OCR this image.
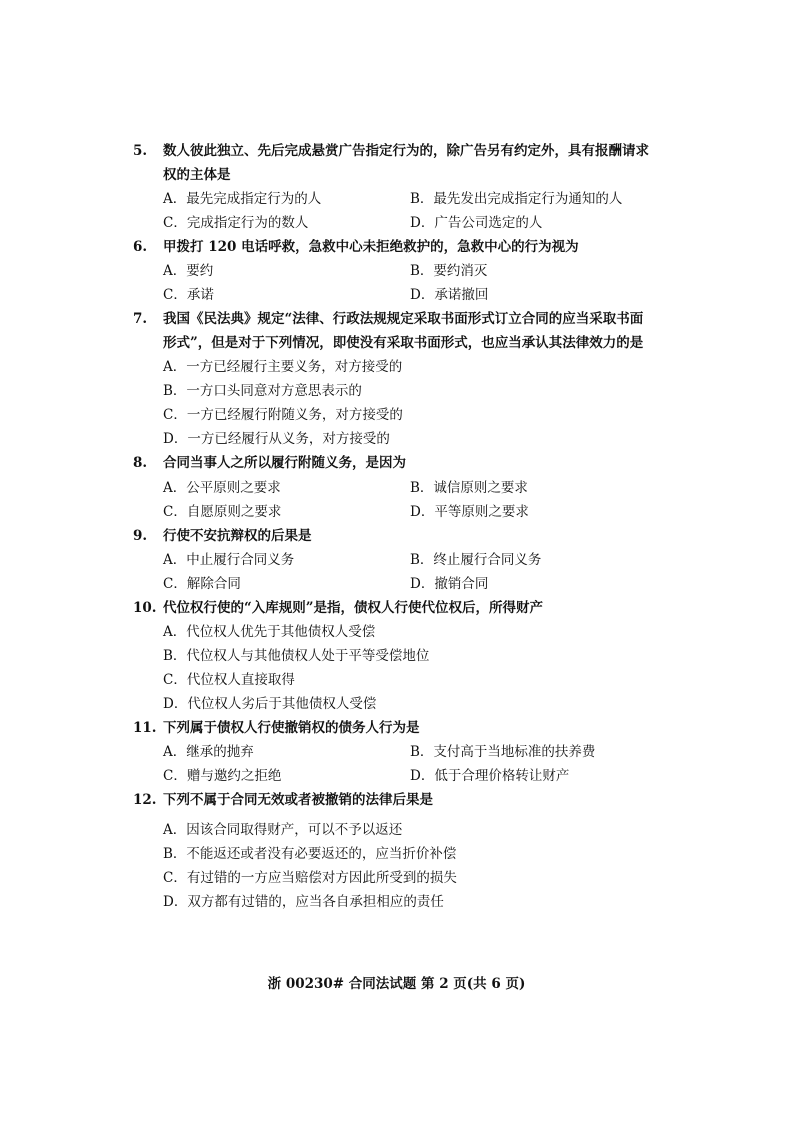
5. 数人彼此独立、先后完成悬赏广告指定行为的，除广告另有约定外，具有报酬请求
权的主体是
A．最先完成指定行为的人	B．最先发出完成指定行为通知的人
C．完成指定行为的数人	D．广告公司选定的人
6. 甲拨打 120 电话呼救，急救中心未拒绝救护的，急救中心的行为视为
A．要约	B．要约消灭
C．承诺	D．承诺撤回
7. 我国《民法典》规定“法律、行政法规规定采取书面形式订立合同的应当采取书面
形式”，但是对于下列情况，即使没有采取书面形式，也应当承认其法律效力的是
A．一方已经履行主要义务，对方接受的
B．一方口头同意对方意思表示的
C．一方已经履行附随义务，对方接受的
D．一方已经履行从义务，对方接受的
8. 合同当事人之所以履行附随义务，是因为
A．公平原则之要求	B．诚信原则之要求
C．自愿原则之要求	D．平等原则之要求
9. 行使不安抗辩权的后果是
A．中止履行合同义务	B．终止履行合同义务
C．解除合同	D．撤销合同
10. 代位权行使的“入库规则”是指，债权人行使代位权后，所得财产
A．代位权人优先于其他债权人受偿
B．代位权人与其他债权人处于平等受偿地位
C．代位权人直接取得
D．代位权人劣后于其他债权人受偿
11. 下列属于债权人行使撤销权的债务人行为是
A．继承的抛弃	B．支付高于当地标准的扶养费
C．赠与邀约之拒绝	D．低于合理价格转让财产
12. 下列不属于合同无效或者被撤销的法律后果是
A．因该合同取得财产，可以不予以返还
B．不能返还或者没有必要返还的，应当折价补偿
C．有过错的一方应当赔偿对方因此所受到的损失
D．双方都有过错的，应当各自承担相应的责任
浙 00230# 合同法试题 第 2 页(共 6 页)
